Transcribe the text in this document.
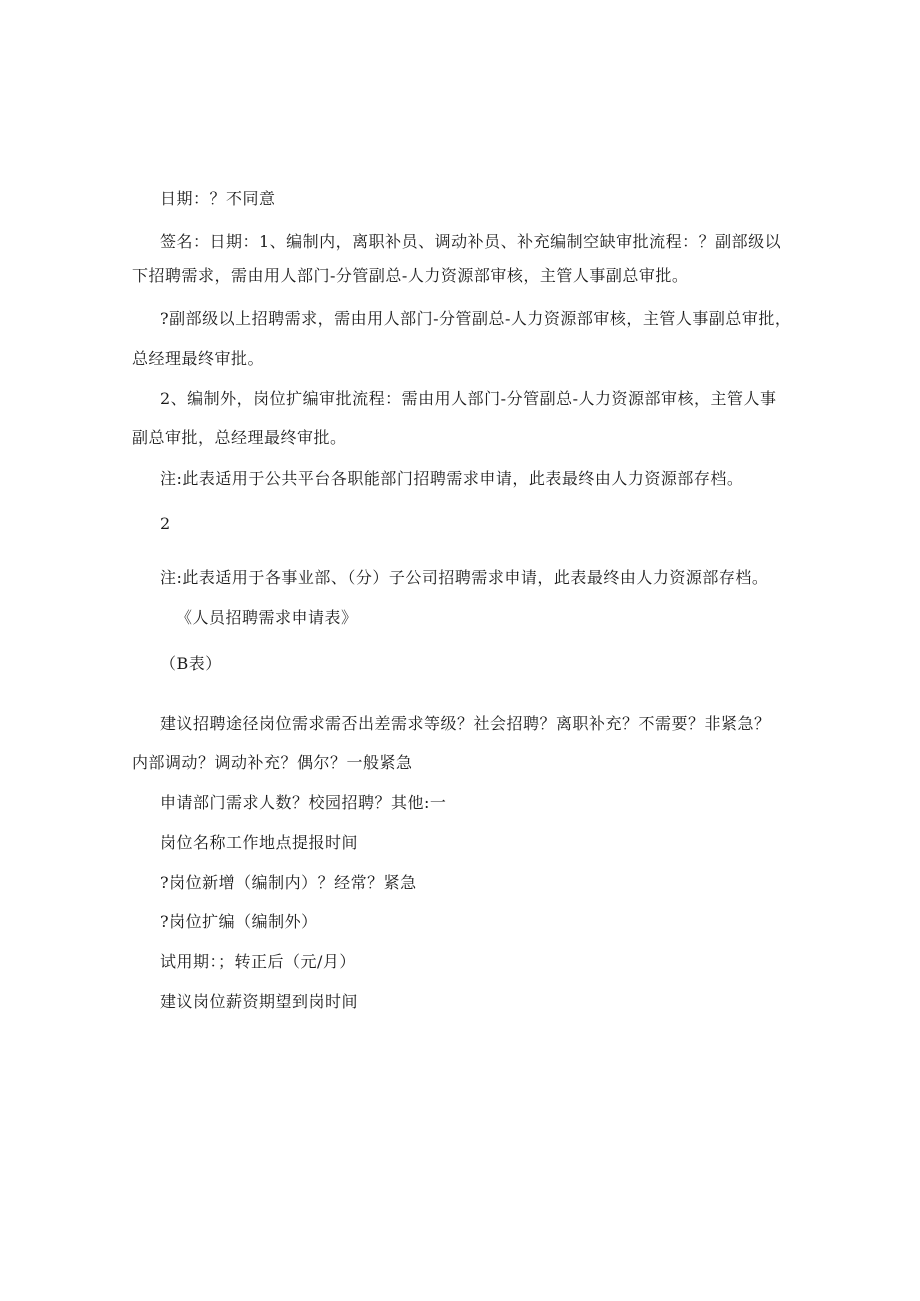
日期：？不同意
签名：日期：1、编制内，离职补员、调动补员、补充编制空缺审批流程：？副部级以
下招聘需求，需由用人部门-分管副总-人力资源部审核，主管人事副总审批。
?副部级以上招聘需求，需由用人部门-分管副总-人力资源部审核，主管人事副总审批，
总经理最终审批。
2、编制外，岗位扩编审批流程：需由用人部门-分管副总-人力资源部审核，主管人事
副总审批，总经理最终审批。
注:此表适用于公共平台各职能部门招聘需求申请，此表最终由人力资源部存档。
2
注:此表适用于各事业部、（分）子公司招聘需求申请，此表最终由人力资源部存档。
《人员招聘需求申请表》
（B表）
建议招聘途径岗位需求需否出差需求等级？社会招聘？离职补充？不需要？非紧急？
内部调动？调动补充？偶尔？一般紧急
申请部门需求人数？校园招聘？其他:一
岗位名称工作地点提报时间
?岗位新增（编制内）？经常？紧急
?岗位扩编（编制外）
试用期：；转正后（元/月）
建议岗位薪资期望到岗时间
